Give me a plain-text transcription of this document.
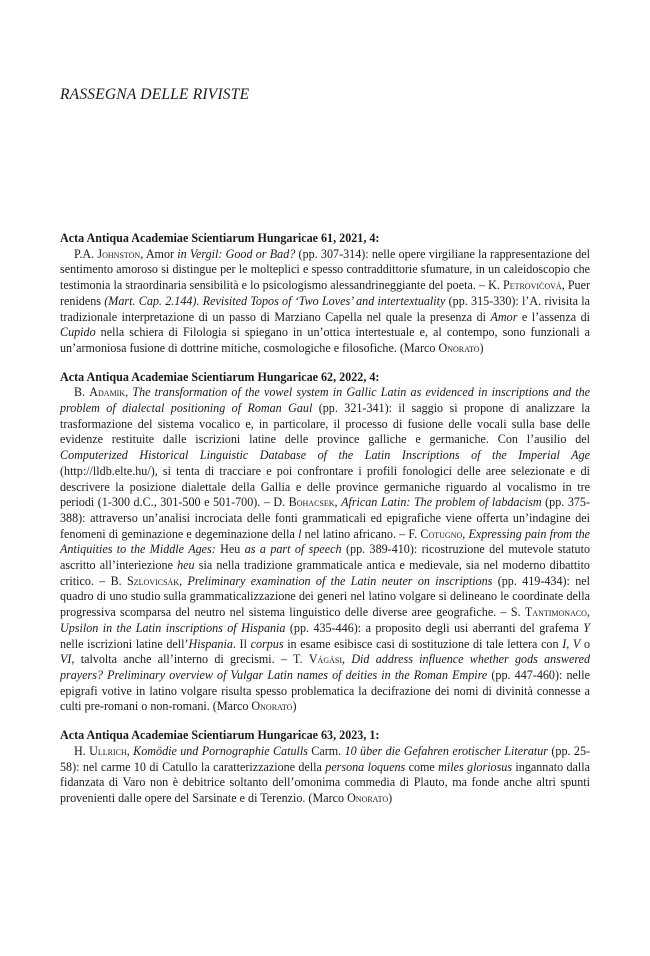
RASSEGNA DELLE RIVISTE
Acta Antiqua Academiae Scientiarum Hungaricae 61, 2021, 4:

P.A. Johnston, Amor in Vergil: Good or Bad? (pp. 307-314): nelle opere virgiliane la rappresentazione del sentimento amoroso si distingue per le molteplici e spesso contraddittorie sfumature, in un caleidoscopio che testimonia la straordinaria sensibilità e lo psicologismo alessandrineggiante del poeta. – K. Petrovićová, Puer renidens (Mart. Cap. 2.144). Revisited Topos of ‘Two Loves’ and intertextuality (pp. 315-330): l’A. rivisita la tradizionale interpretazione di un passo di Marziano Capella nel quale la presenza di Amor e l’assenza di Cupido nella schiera di Filologia si spiegano in un’ottica intertestuale e, al contempo, sono funzionali a un’armoniosa fusione di dottrine mitiche, cosmologiche e filosofiche. (Marco Onorato)

Acta Antiqua Academiae Scientiarum Hungaricae 62, 2022, 4:

B. Adamik, The transformation of the vowel system in Gallic Latin as evidenced in inscriptions and the problem of dialectal positioning of Roman Gaul (pp. 321-341): il saggio si propone di analizzare la trasformazione del sistema vocalico e, in particolare, il processo di fusione delle vocali sulla base delle evidenze restituite dalle iscrizioni latine delle province galliche e germaniche. Con l’ausilio del Computerized Historical Linguistic Database of the Latin Inscriptions of the Imperial Age (http://lldb.elte.hu/), si tenta di tracciare e poi confrontare i profili fonologici delle aree selezionate e di descrivere la posizione dialettale della Gallia e delle province germaniche riguardo al vocalismo in tre periodi (1-300 d.C., 301-500 e 501-700). – D. Bohacsek, African Latin: The problem of labdacism (pp. 375-388): attraverso un’analisi incrociata delle fonti grammaticali ed epigrafiche viene offerta un’indagine dei fenomeni di geminazione e degeminazione della l nel latino africano. – F. Cotugno, Expressing pain from the Antiquities to the Middle Ages: Heu as a part of speech (pp. 389-410): ricostruzione del mutevole statuto ascritto all’interiezione heu sia nella tradizione grammaticale antica e medievale, sia nel moderno dibattito critico. – B. Szlovicsák, Preliminary examination of the Latin neuter on inscriptions (pp. 419-434): nel quadro di uno studio sulla grammaticalizzazione dei generi nel latino volgare si delineano le coordinate della progressiva scomparsa del neutro nel sistema linguistico delle diverse aree geografiche. – S. Tantimonaco, Upsilon in the Latin inscriptions of Hispania (pp. 435-446): a proposito degli usi aberranti del grafema Y nelle iscrizioni latine dell’Hispania. Il corpus in esame esibisce casi di sostituzione di tale lettera con I, V o VI, talvolta anche all’interno di grecismi. – T. Vágási, Did address influence whether gods answered prayers? Preliminary overview of Vulgar Latin names of deities in the Roman Empire (pp. 447-460): nelle epigrafi votive in latino volgare risulta spesso problematica la decifrazione dei nomi di divinità connesse a culti pre-romani o non-romani. (Marco Onorato)

Acta Antiqua Academiae Scientiarum Hungaricae 63, 2023, 1:

H. Ullrich, Komödie und Pornographie Catulls Carm. 10 über die Gefahren erotischer Literatur (pp. 25-58): nel carme 10 di Catullo la caratterizzazione della persona loquens come miles gloriosus ingannato dalla fidanzata di Varo non è debitrice soltanto dell’omonima commedia di Plauto, ma fonde anche altri spunti provenienti dalle opere del Sarsinate e di Terenzio. (Marco Onorato)
